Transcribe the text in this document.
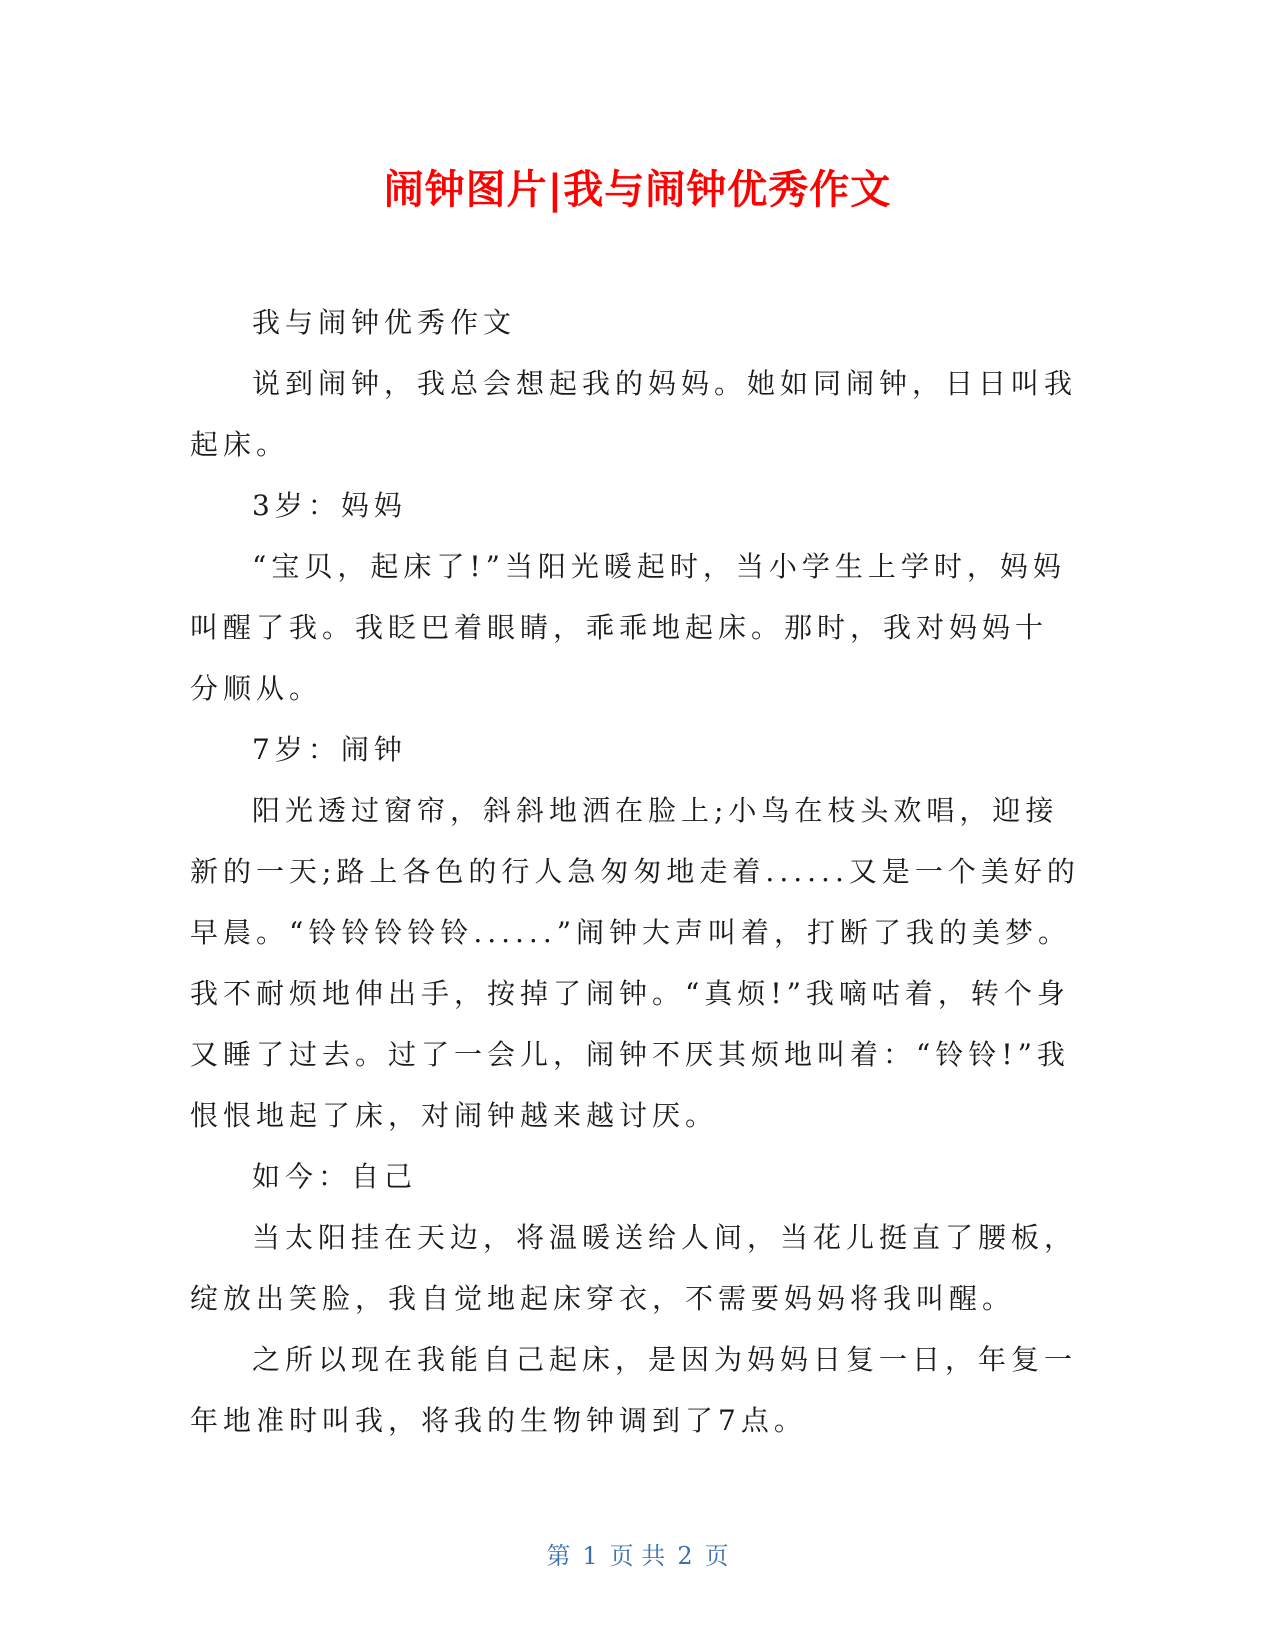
闹钟图片|我与闹钟优秀作文

我与闹钟优秀作文

说到闹钟，我总会想起我的妈妈。她如同闹钟，日日叫我起床。

3岁：妈妈

“宝贝，起床了!”当阳光暖起时，当小学生上学时，妈妈叫醒了我。我眨巴着眼睛，乖乖地起床。那时，我对妈妈十分顺从。

7岁：闹钟

阳光透过窗帘，斜斜地洒在脸上;小鸟在枝头欢唱，迎接新的一天;路上各色的行人急匆匆地走着......又是一个美好的早晨。“铃铃铃铃铃......”闹钟大声叫着，打断了我的美梦。我不耐烦地伸出手，按掉了闹钟。“真烦!”我嘀咕着，转个身又睡了过去。过了一会儿，闹钟不厌其烦地叫着：“铃铃!”我恨恨地起了床，对闹钟越来越讨厌。

如今：自己

当太阳挂在天边，将温暖送给人间，当花儿挺直了腰板，绽放出笑脸，我自觉地起床穿衣，不需要妈妈将我叫醒。

之所以现在我能自己起床，是因为妈妈日复一日，年复一年地准时叫我，将我的生物钟调到了7点。

第 1 页 共 2 页
